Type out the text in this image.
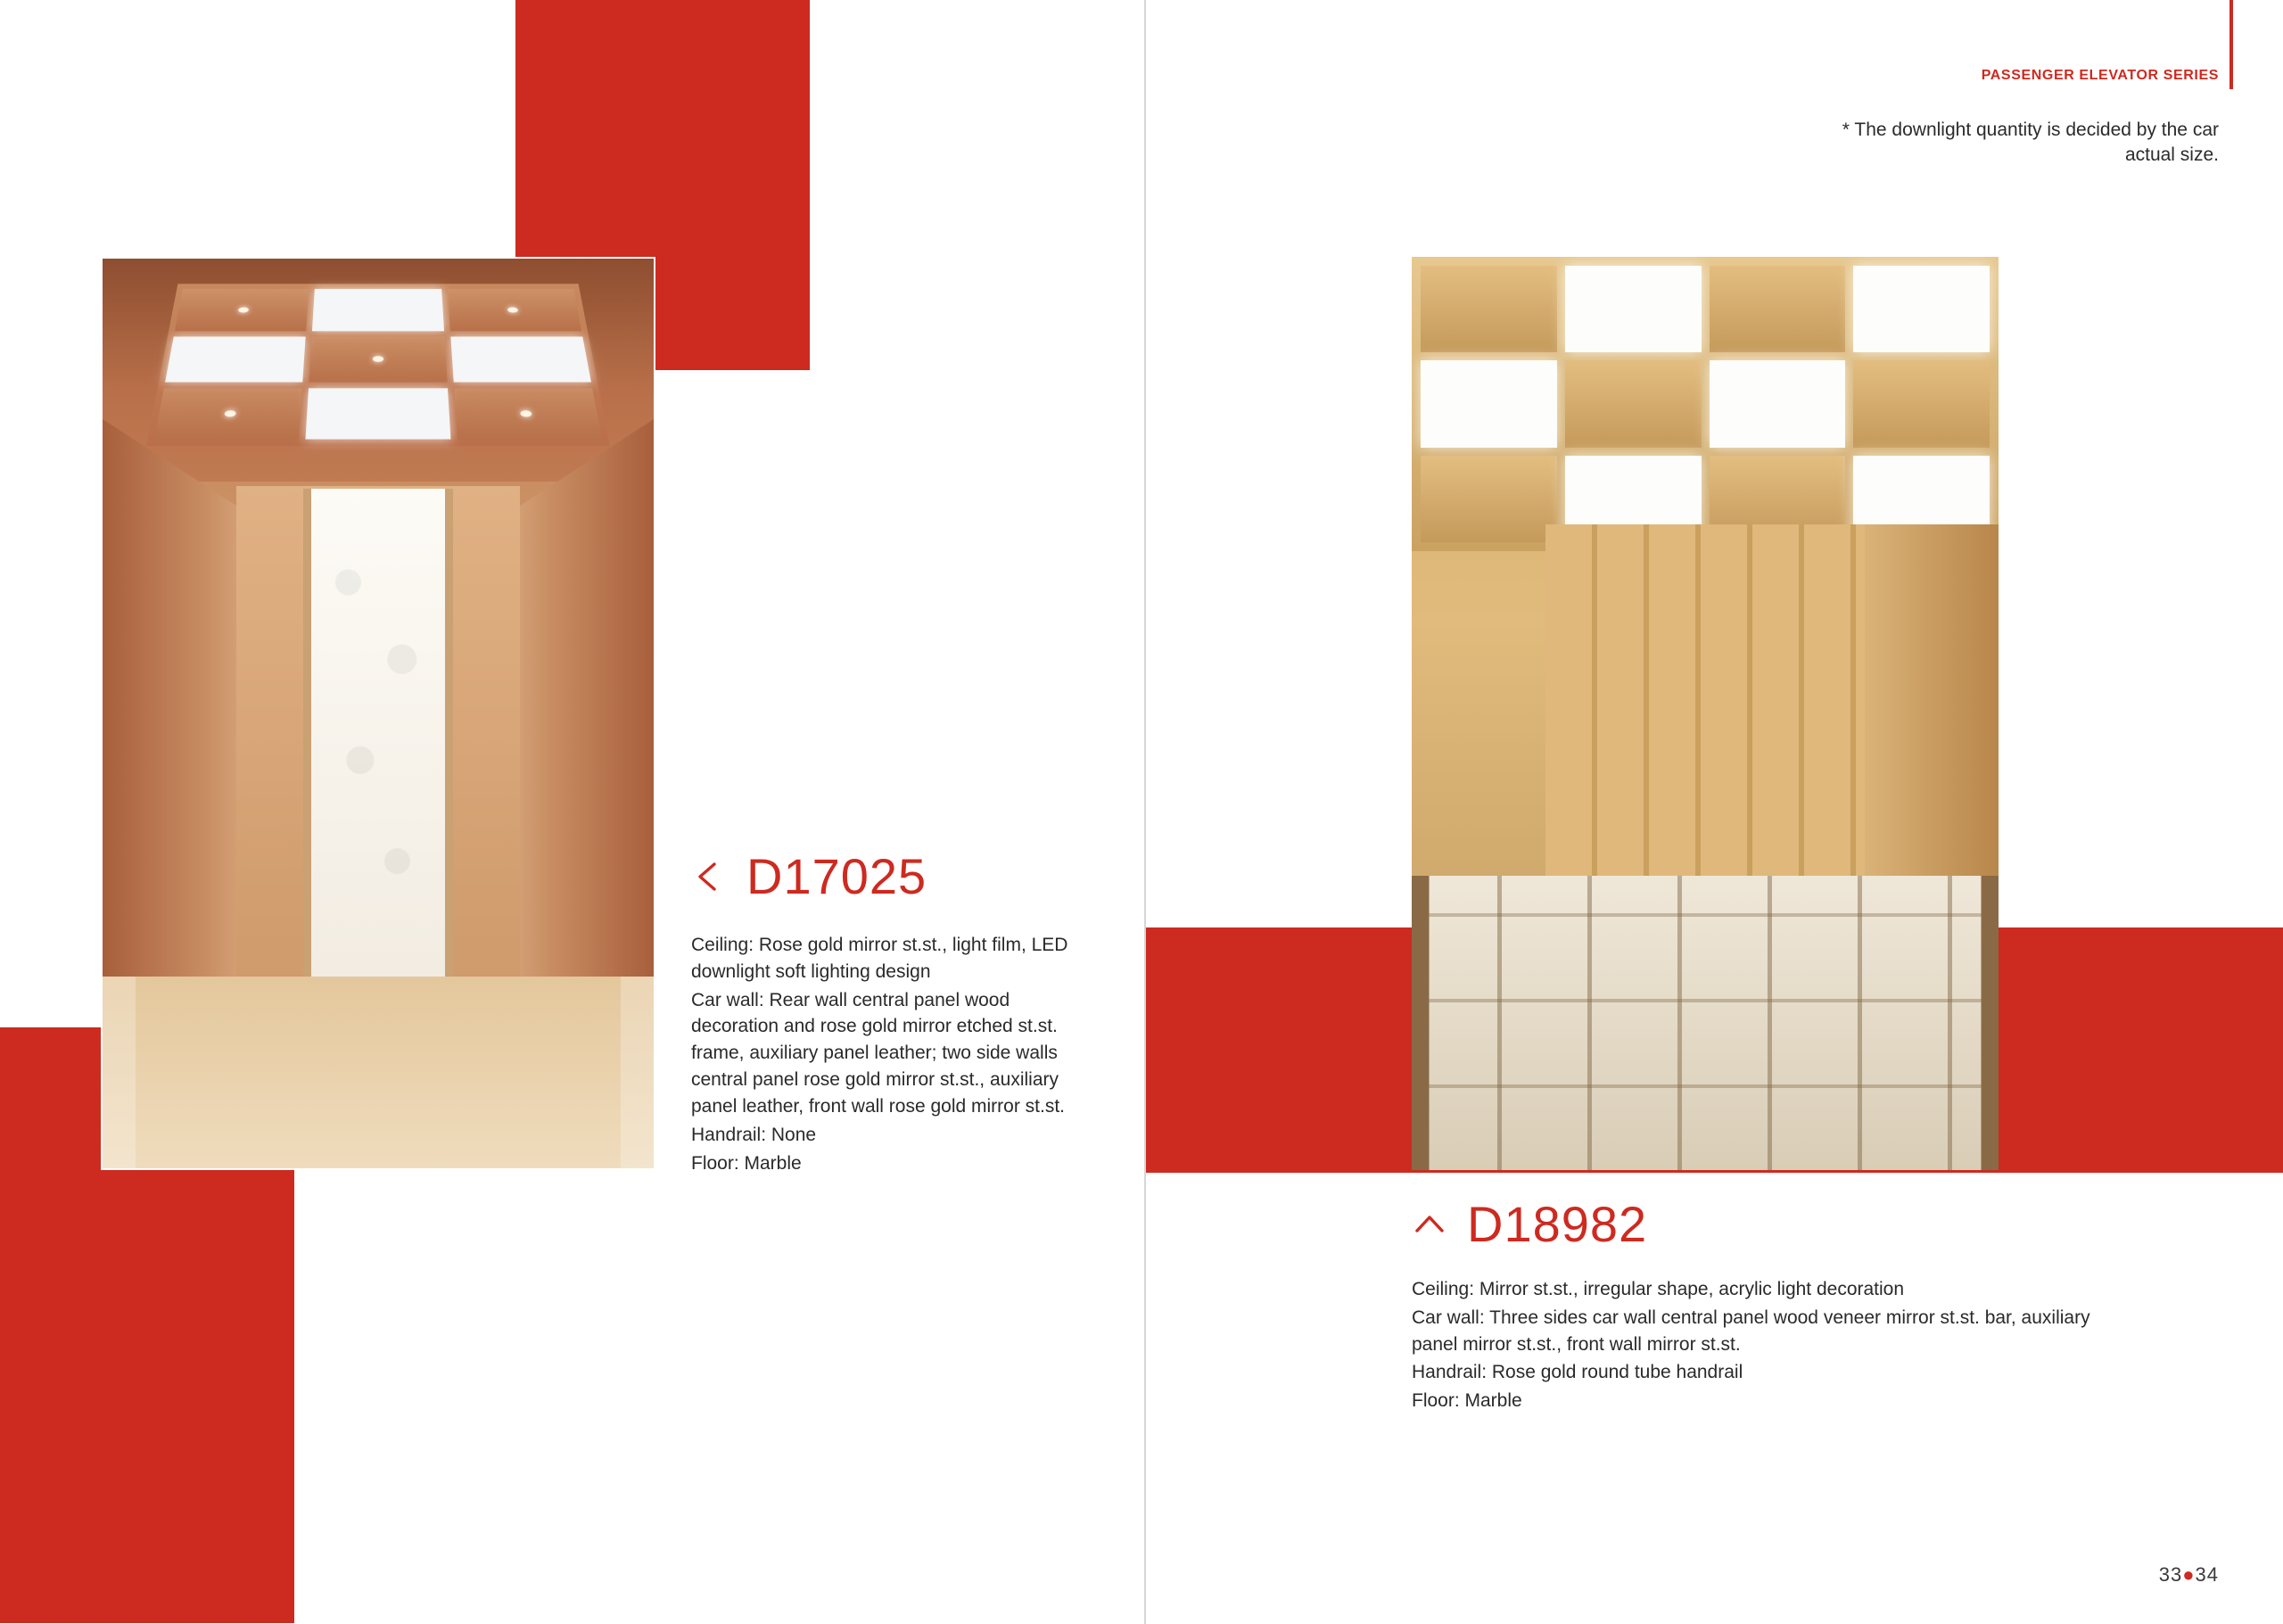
PASSENGER ELEVATOR SERIES
* The downlight quantity is decided by the car actual size.
D17025

Ceiling: Rose gold mirror st.st., light film, LED downlight soft lighting design

Car wall: Rear wall central panel wood decoration and rose gold mirror etched st.st. frame, auxiliary panel leather; two side walls central panel rose gold mirror st.st., auxiliary panel leather, front wall rose gold mirror st.st.

Handrail: None

Floor: Marble

D18982

Ceiling: Mirror st.st., irregular shape, acrylic light decoration

Car wall: Three sides car wall central panel wood veneer mirror st.st. bar, auxiliary panel mirror st.st., front wall mirror st.st.

Handrail: Rose gold round tube handrail

Floor: Marble

33●34
